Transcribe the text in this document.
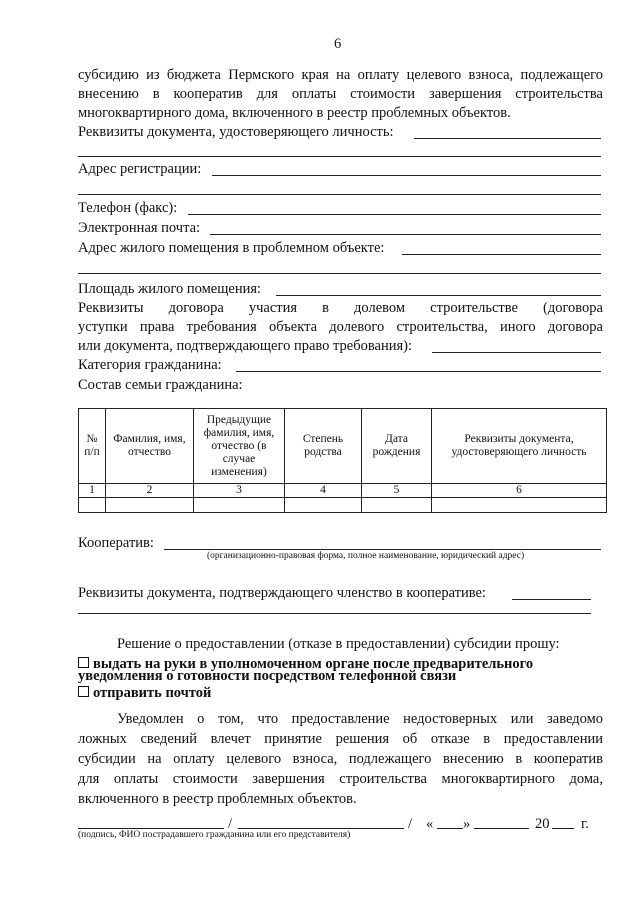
6
субсидию из бюджета Пермского края на оплату целевого взноса, подлежащего
внесению в кооператив для оплаты стоимости завершения строительства
многоквартирного дома, включенного в реестр проблемных объектов.
Реквизиты документа, удостоверяющего личность:
Адрес регистрации:
Телефон (факс):
Электронная почта:
Адрес жилого помещения в проблемном объекте:
Площадь жилого помещения:
Реквизиты договора участия в долевом строительстве (договора
уступки права требования объекта долевого строительства, иного договора
или документа, подтверждающего право требования):
Категория гражданина:
Состав семьи гражданина:
№ п/п	Фамилия, имя, отчество	Предыдущие фамилия, имя, отчество (в случае изменения)	Степень родства	Дата рождения	Реквизиты документа, удостоверяющего личность
1	2	3	4	5	6

Кооператив:
(организационно-правовая форма, полное наименование, юридический адрес)
Реквизиты документа, подтверждающего членство в кооперативе:
Решение о предоставлении (отказе в предоставлении) субсидии прошу:
выдать на руки в уполномоченном органе после предварительного
уведомления о готовности посредством телефонной связи
отправить почтой
Уведомлен о том, что предоставление недостоверных или заведомо
ложных сведений влечет принятие решения об отказе в предоставлении
субсидии на оплату целевого взноса, подлежащего внесению в кооператив
для оплаты стоимости завершения строительства многоквартирного дома,
включенного в реестр проблемных объектов.
/	/ « »	20 г.
(подпись, ФИО пострадавшего гражданина или его представителя)
